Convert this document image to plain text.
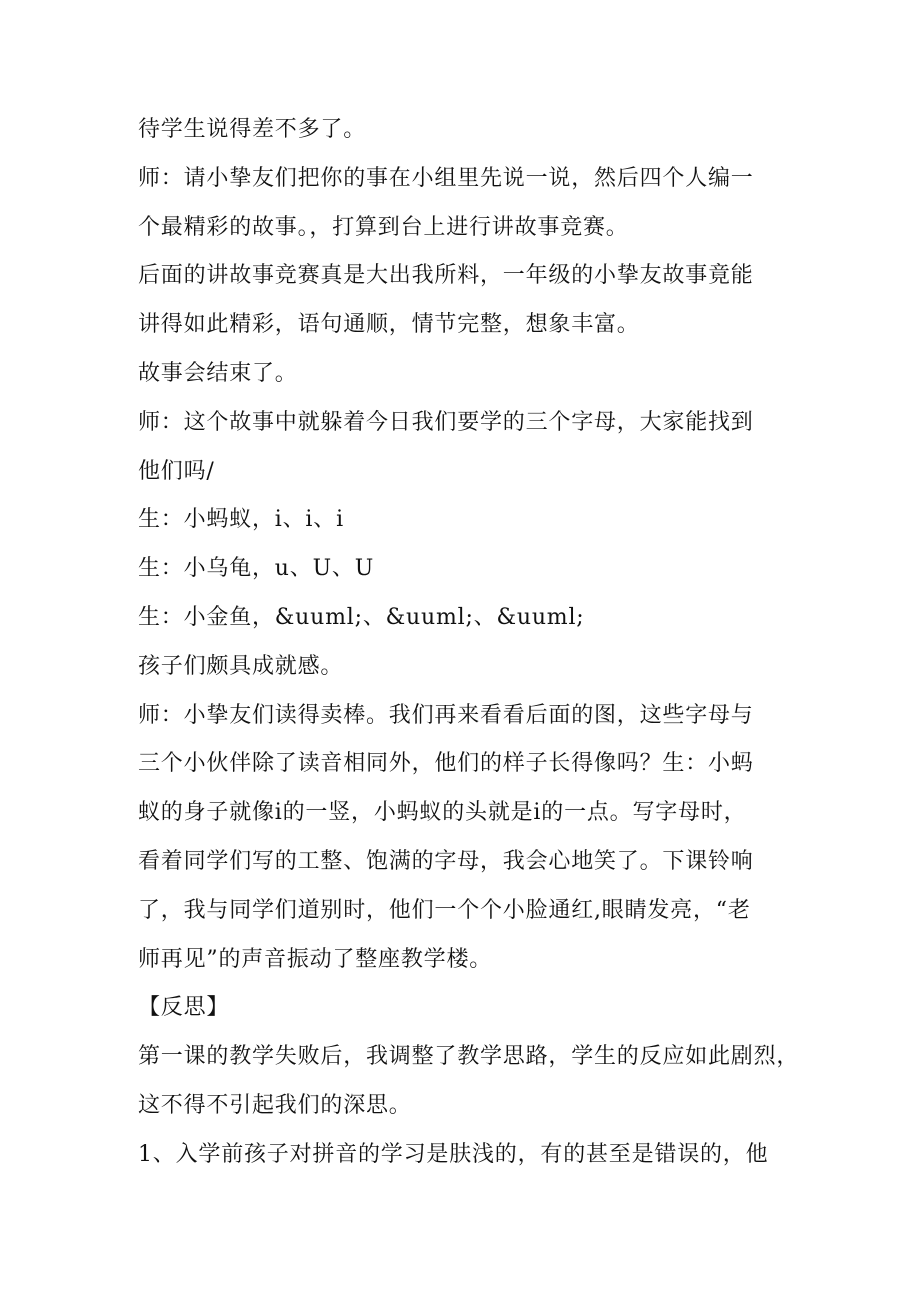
待学生说得差不多了。
师：请小挚友们把你的事在小组里先说一说，然后四个人编一
个最精彩的故事。，打算到台上进行讲故事竞赛。
后面的讲故事竞赛真是大出我所料，一年级的小挚友故事竟能
讲得如此精彩，语句通顺，情节完整，想象丰富。
故事会结束了。
师：这个故事中就躲着今日我们要学的三个字母，大家能找到
他们吗/
生：小蚂蚁，i、i、i
生：小乌龟，u、U、U
生：小金鱼，&uuml;、&uuml;、&uuml;
孩子们颇具成就感。
师：小挚友们读得卖棒。我们再来看看后面的图，这些字母与
三个小伙伴除了读音相同外，他们的样子长得像吗？生：小蚂
蚁的身子就像i的一竖，小蚂蚁的头就是i的一点。写字母时，
看着同学们写的工整、饱满的字母，我会心地笑了。下课铃响
了，我与同学们道别时，他们一个个小脸通红,眼睛发亮，“老
师再见”的声音振动了整座教学楼。
【反思】
第一课的教学失败后，我调整了教学思路，学生的反应如此剧烈，
这不得不引起我们的深思。
1、入学前孩子对拼音的学习是肤浅的，有的甚至是错误的，他
